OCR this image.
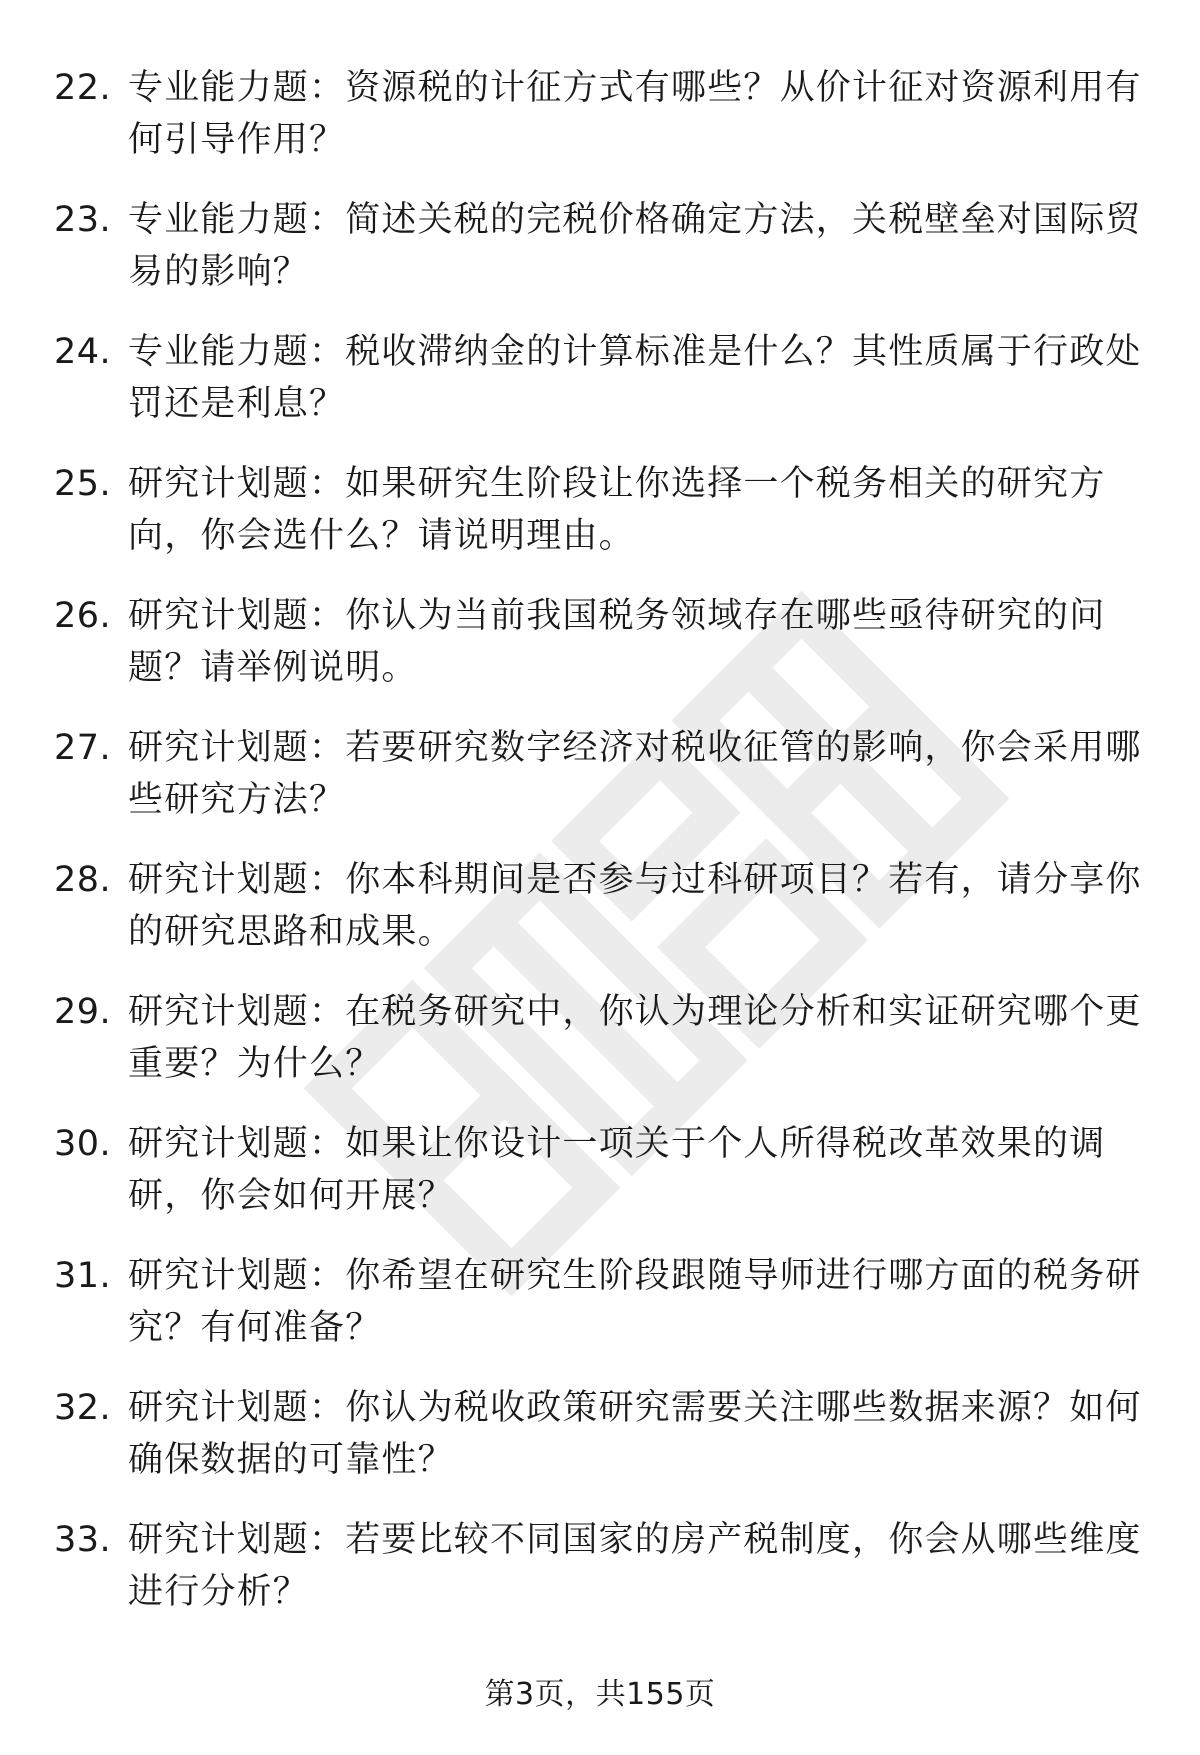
22. 专业能力题：资源税的计征方式有哪些？从价计征对资源利用有何引导作用？
23. 专业能力题：简述关税的完税价格确定方法，关税壁垒对国际贸易的影响？
24. 专业能力题：税收滞纳金的计算标准是什么？其性质属于行政处罚还是利息？
25. 研究计划题：如果研究生阶段让你选择一个税务相关的研究方向，你会选什么？请说明理由。
26. 研究计划题：你认为当前我国税务领域存在哪些亟待研究的问题？请举例说明。
27. 研究计划题：若要研究数字经济对税收征管的影响，你会采用哪些研究方法？
28. 研究计划题：你本科期间是否参与过科研项目？若有，请分享你的研究思路和成果。
29. 研究计划题：在税务研究中，你认为理论分析和实证研究哪个更重要？为什么？
30. 研究计划题：如果让你设计一项关于个人所得税改革效果的调研，你会如何开展？
31. 研究计划题：你希望在研究生阶段跟随导师进行哪方面的税务研究？有何准备？
32. 研究计划题：你认为税收政策研究需要关注哪些数据来源？如何确保数据的可靠性？
33. 研究计划题：若要比较不同国家的房产税制度，你会从哪些维度进行分析？
第3页，共155页
